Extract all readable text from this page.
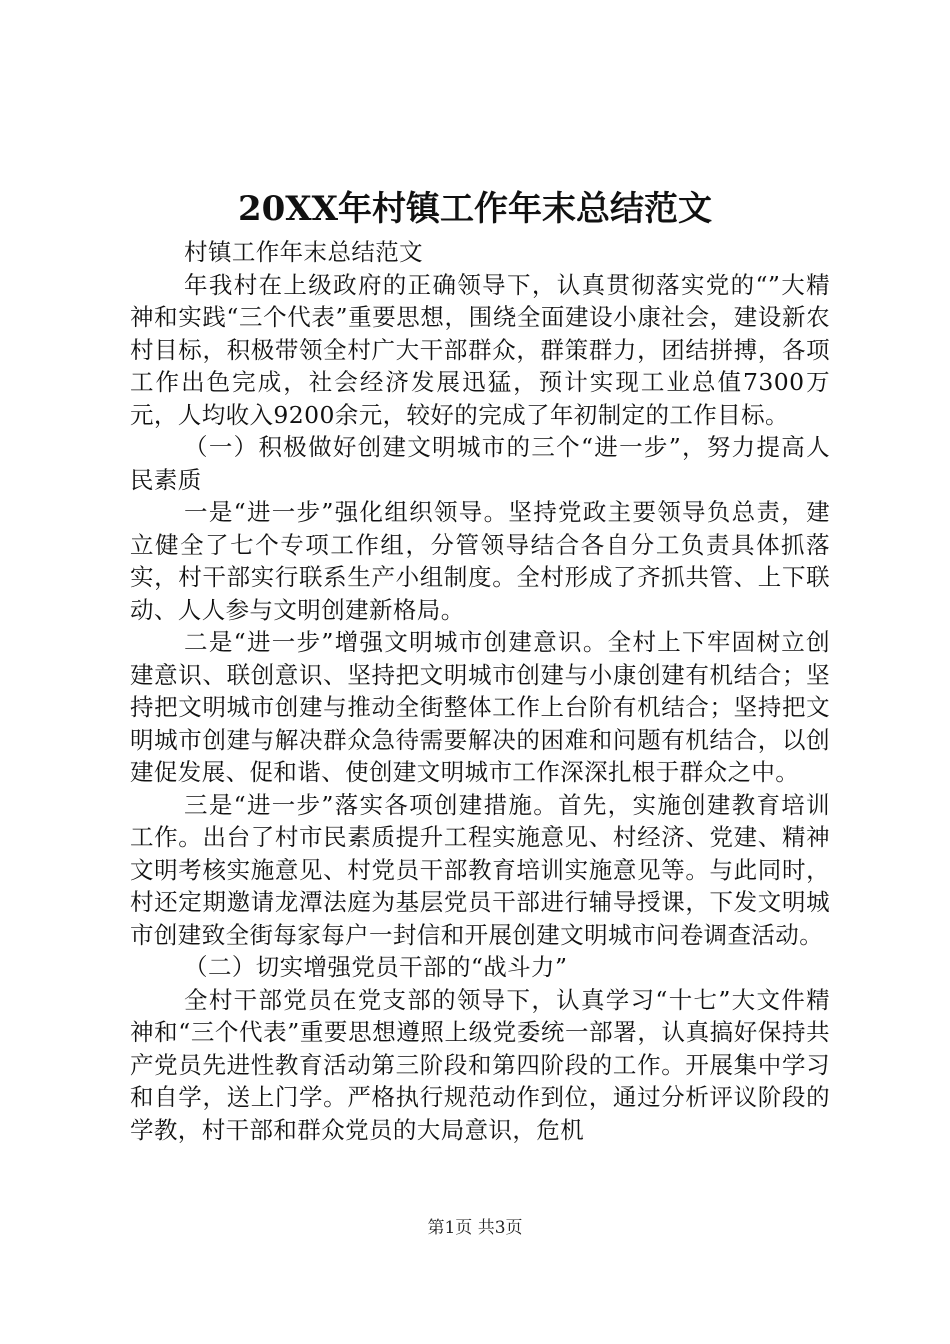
20XX年村镇工作年末总结范文

村镇工作年末总结范文

年我村在上级政府的正确领导下，认真贯彻落实党的“”大精神和实践“三个代表”重要思想，围绕全面建设小康社会，建设新农村目标，积极带领全村广大干部群众，群策群力，团结拼搏，各项工作出色完成，社会经济发展迅猛，预计实现工业总值7300万元，人均收入9200余元，较好的完成了年初制定的工作目标。

（一）积极做好创建文明城市的三个“进一步”，努力提高人民素质

一是“进一步”强化组织领导。坚持党政主要领导负总责，建立健全了七个专项工作组，分管领导结合各自分工负责具体抓落实，村干部实行联系生产小组制度。全村形成了齐抓共管、上下联动、人人参与文明创建新格局。

二是“进一步”增强文明城市创建意识。全村上下牢固树立创建意识、联创意识、坚持把文明城市创建与小康创建有机结合；坚持把文明城市创建与推动全街整体工作上台阶有机结合；坚持把文明城市创建与解决群众急待需要解决的困难和问题有机结合，以创建促发展、促和谐、使创建文明城市工作深深扎根于群众之中。

三是“进一步”落实各项创建措施。首先，实施创建教育培训工作。出台了村市民素质提升工程实施意见、村经济、党建、精神文明考核实施意见、村党员干部教育培训实施意见等。与此同时，村还定期邀请龙潭法庭为基层党员干部进行辅导授课，下发文明城市创建致全街每家每户一封信和开展创建文明城市问卷调查活动。

（二）切实增强党员干部的“战斗力”

全村干部党员在党支部的领导下，认真学习“十七”大文件精神和“三个代表”重要思想遵照上级党委统一部署，认真搞好保持共产党员先进性教育活动第三阶段和第四阶段的工作。开展集中学习和自学，送上门学。严格执行规范动作到位，通过分析评议阶段的学教，村干部和群众党员的大局意识，危机

第1页 共3页
